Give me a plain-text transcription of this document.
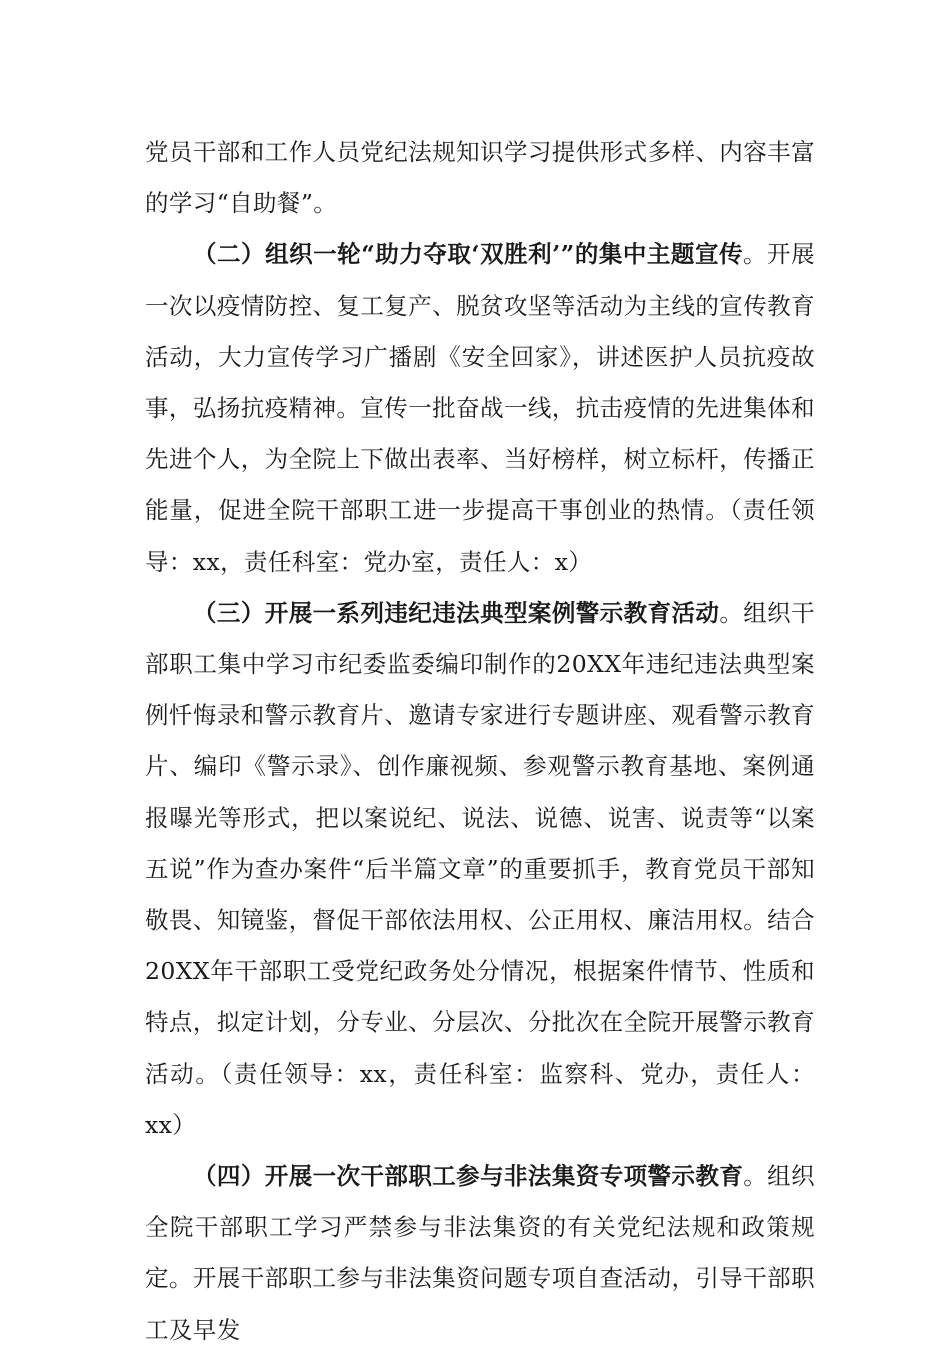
党员干部和工作人员党纪法规知识学习提供形式多样、内容丰富的学习“自助餐”。

（二）组织一轮“助力夺取‘双胜利’”的集中主题宣传。开展一次以疫情防控、复工复产、脱贫攻坚等活动为主线的宣传教育活动，大力宣传学习广播剧《安全回家》，讲述医护人员抗疫故事，弘扬抗疫精神。宣传一批奋战一线，抗击疫情的先进集体和先进个人，为全院上下做出表率、当好榜样，树立标杆，传播正能量，促进全院干部职工进一步提高干事创业的热情。（责任领导：xx，责任科室：党办室，责任人：x）

（三）开展一系列违纪违法典型案例警示教育活动。组织干部职工集中学习市纪委监委编印制作的20XX年违纪违法典型案例忏悔录和警示教育片、邀请专家进行专题讲座、观看警示教育片、编印《警示录》、创作廉视频、参观警示教育基地、案例通报曝光等形式，把以案说纪、说法、说德、说害、说责等“以案五说”作为查办案件“后半篇文章”的重要抓手，教育党员干部知敬畏、知镜鉴，督促干部依法用权、公正用权、廉洁用权。结合20XX年干部职工受党纪政务处分情况，根据案件情节、性质和特点，拟定计划，分专业、分层次、分批次在全院开展警示教育活动。（责任领导：xx，责任科室：监察科、党办，责任人：xx）

（四）开展一次干部职工参与非法集资专项警示教育。组织全院干部职工学习严禁参与非法集资的有关党纪法规和政策规定。开展干部职工参与非法集资问题专项自查活动，引导干部职工及早发
